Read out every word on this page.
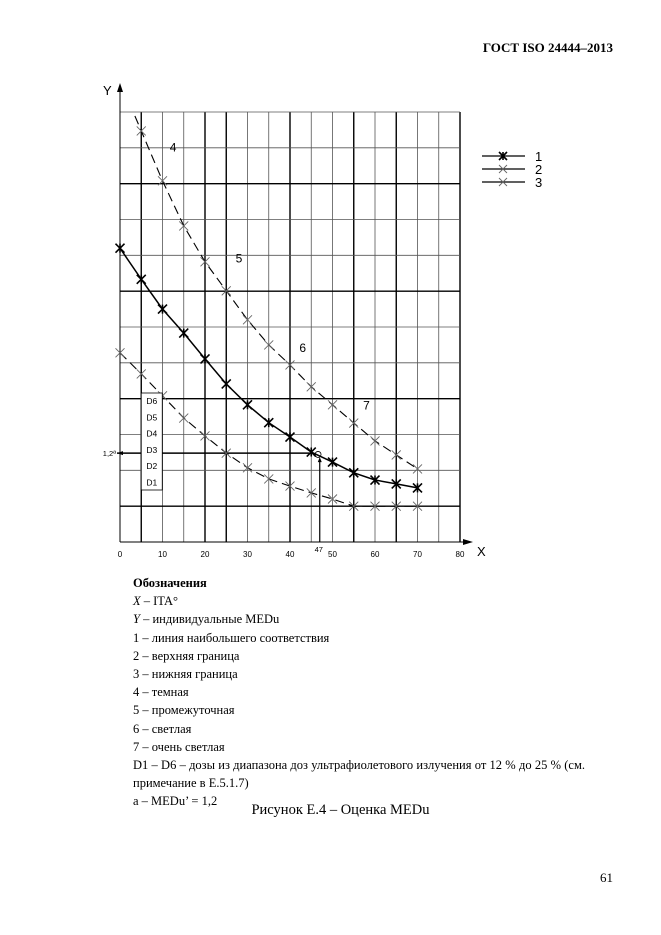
ГОСТ ISO 24444–2013
Y
X
0	10	20	30	40	50	60	70	80
47
1,2ª
4
5
6
7
D6
D5
D4
D3
D2
D1
1
2
3
Обозначения
X – ITA°
Y – индивидуальные MEDu
1 – линия наибольшего соответствия
2 – верхняя граница
3 – нижняя граница
4 – темная
5 – промежуточная
6 – светлая
7 – очень светлая
D1 – D6 – дозы из диапазона доз ультрафиолетового излучения от 12 % до 25 % (см. примечание в Е.5.1.7)
a – MEDu’ = 1,2
Рисунок Е.4 – Оценка MEDu
61
